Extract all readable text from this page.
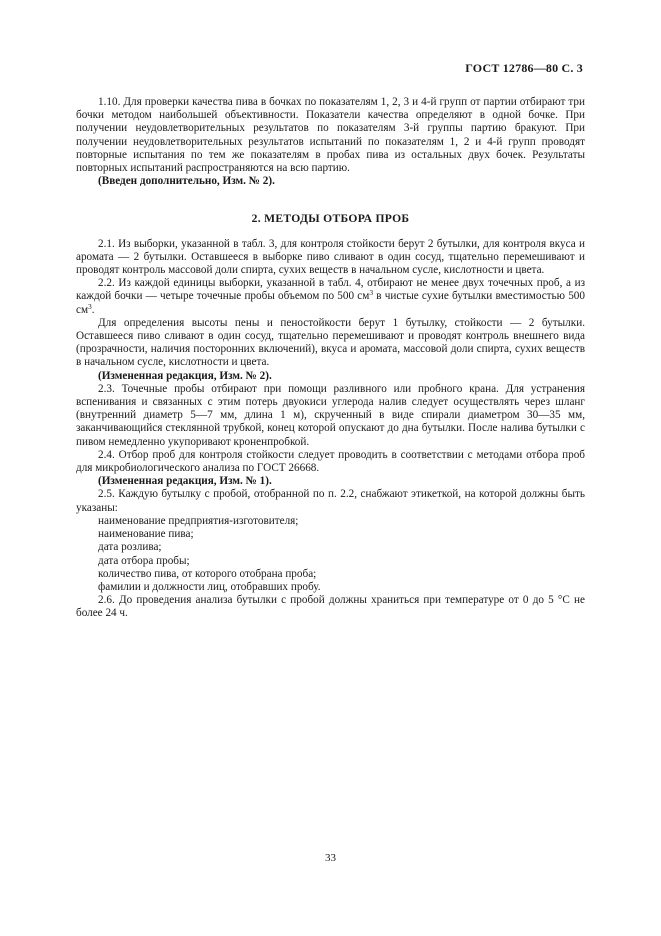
ГОСТ 12786—80 С. 3

1.10. Для проверки качества пива в бочках по показателям 1, 2, 3 и 4-й групп от партии отбирают три бочки методом наибольшей объективности. Показатели качества определяют в одной бочке. При получении неудовлетворительных результатов по показателям 3-й группы партию бракуют. При получении неудовлетворительных результатов испытаний по показателям 1, 2 и 4-й групп проводят повторные испытания по тем же показателям в пробах пива из остальных двух бочек. Результаты повторных испытаний распространяются на всю партию.

(Введен дополнительно, Изм. № 2).

2. МЕТОДЫ ОТБОРА ПРОБ

2.1. Из выборки, указанной в табл. 3, для контроля стойкости берут 2 бутылки, для контроля вкуса и аромата — 2 бутылки. Оставшееся в выборке пиво сливают в один сосуд, тщательно перемешивают и проводят контроль массовой доли спирта, сухих веществ в начальном сусле, кислотности и цвета.

2.2. Из каждой единицы выборки, указанной в табл. 4, отбирают не менее двух точечных проб, а из каждой бочки — четыре точечные пробы объемом по 500 $см^3$ в чистые сухие бутылки вместимостью 500 $см^3$.

Для определения высоты пены и пеностойкости берут 1 бутылку, стойкости — 2 бутылки. Оставшееся пиво сливают в один сосуд, тщательно перемешивают и проводят контроль внешнего вида (прозрачности, наличия посторонних включений), вкуса и аромата, массовой доли спирта, сухих веществ в начальном сусле, кислотности и цвета.

(Измененная редакция, Изм. № 2).

2.3. Точечные пробы отбирают при помощи разливного или пробного крана. Для устранения вспенивания и связанных с этим потерь двуокиси углерода налив следует осуществлять через шланг (внутренний диаметр 5—7 мм, длина 1 м), скрученный в виде спирали диаметром 30—35 мм, заканчивающийся стеклянной трубкой, конец которой опускают до дна бутылки. После налива бутылки с пивом немедленно укупоривают кроненпробкой.

2.4. Отбор проб для контроля стойкости следует проводить в соответствии с методами отбора проб для микробиологического анализа по ГОСТ 26668.

(Измененная редакция, Изм. № 1).

2.5. Каждую бутылку с пробой, отобранной по п. 2.2, снабжают этикеткой, на которой должны быть указаны:

наименование предприятия-изготовителя;

наименование пива;

дата розлива;

дата отбора пробы;

количество пива, от которого отобрана проба;

фамилии и должности лиц, отобравших пробу.

2.6. До проведения анализа бутылки с пробой должны храниться при температуре от 0 до 5 °С не более 24 ч.

33
